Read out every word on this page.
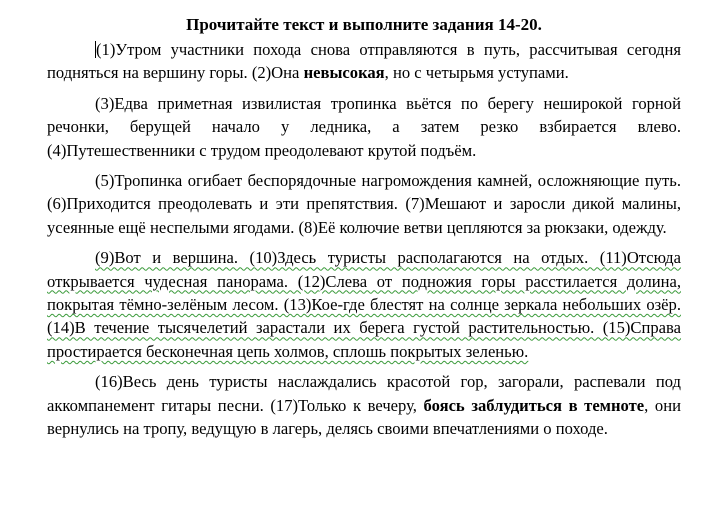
Прочитайте текст и выполните задания 14-20.

(1)Утром участники похода снова отправляются в путь, рассчитывая сегодня подняться на вершину горы. (2)Она невысокая, но с четырьмя уступами.

(3)Едва приметная извилистая тропинка вьётся по берегу неширокой горной речонки, берущей начало у ледника, а затем резко взбирается влево. (4)Путешественники с трудом преодолевают крутой подъём.

(5)Тропинка огибает беспорядочные нагромождения камней, осложняющие путь. (6)Приходится преодолевать и эти препятствия. (7)Мешают и заросли дикой малины, усеянные ещё неспелыми ягодами. (8)Её колючие ветви цепляются за рюкзаки, одежду.

(9)Вот и вершина. (10)Здесь туристы располагаются на отдых. (11)Отсюда открывается чудесная панорама. (12)Слева от подножия горы расстилается долина, покрытая тёмно-зелёным лесом. (13)Кое-где блестят на солнце зеркала небольших озёр. (14)В течение тысячелетий зарастали их берега густой растительностью. (15)Справа простирается бесконечная цепь холмов, сплошь покрытых зеленью.

(16)Весь день туристы наслаждались красотой гор, загорали, распевали под аккомпанемент гитары песни. (17)Только к вечеру, боясь заблудиться в темноте, они вернулись на тропу, ведущую в лагерь, делясь своими впечатлениями о походе.
